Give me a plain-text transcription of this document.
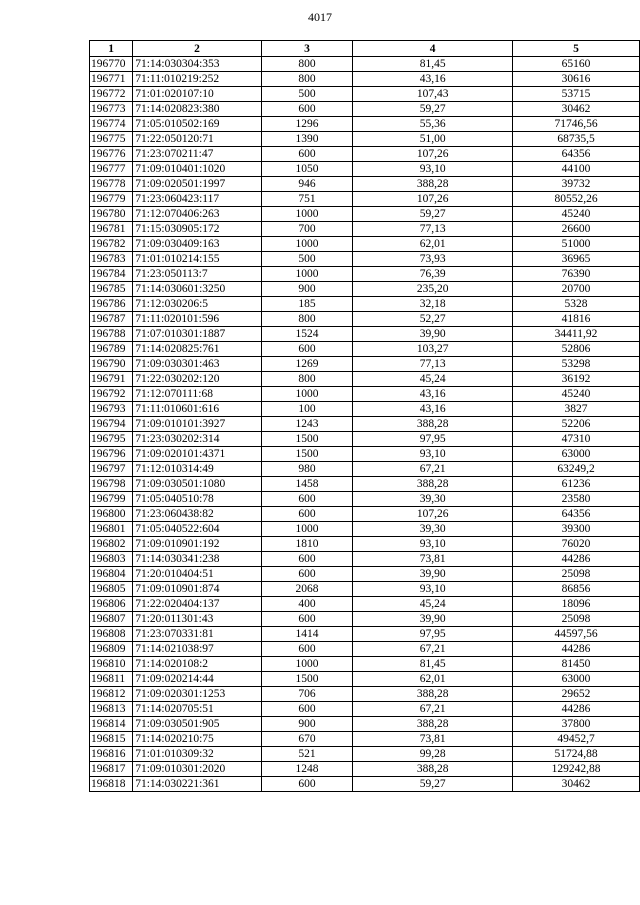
4017
1	2	3	4	5
196770	71:14:030304:353	800	81,45	65160
196771	71:11:010219:252	800	43,16	30616
196772	71:01:020107:10	500	107,43	53715
196773	71:14:020823:380	600	59,27	30462
196774	71:05:010502:169	1296	55,36	71746,56
196775	71:22:050120:71	1390	51,00	68735,5
196776	71:23:070211:47	600	107,26	64356
196777	71:09:010401:1020	1050	93,10	44100
196778	71:09:020501:1997	946	388,28	39732
196779	71:23:060423:117	751	107,26	80552,26
196780	71:12:070406:263	1000	59,27	45240
196781	71:15:030905:172	700	77,13	26600
196782	71:09:030409:163	1000	62,01	51000
196783	71:01:010214:155	500	73,93	36965
196784	71:23:050113:7	1000	76,39	76390
196785	71:14:030601:3250	900	235,20	20700
196786	71:12:030206:5	185	32,18	5328
196787	71:11:020101:596	800	52,27	41816
196788	71:07:010301:1887	1524	39,90	34411,92
196789	71:14:020825:761	600	103,27	52806
196790	71:09:030301:463	1269	77,13	53298
196791	71:22:030202:120	800	45,24	36192
196792	71:12:070111:68	1000	43,16	45240
196793	71:11:010601:616	100	43,16	3827
196794	71:09:010101:3927	1243	388,28	52206
196795	71:23:030202:314	1500	97,95	47310
196796	71:09:020101:4371	1500	93,10	63000
196797	71:12:010314:49	980	67,21	63249,2
196798	71:09:030501:1080	1458	388,28	61236
196799	71:05:040510:78	600	39,30	23580
196800	71:23:060438:82	600	107,26	64356
196801	71:05:040522:604	1000	39,30	39300
196802	71:09:010901:192	1810	93,10	76020
196803	71:14:030341:238	600	73,81	44286
196804	71:20:010404:51	600	39,90	25098
196805	71:09:010901:874	2068	93,10	86856
196806	71:22:020404:137	400	45,24	18096
196807	71:20:011301:43	600	39,90	25098
196808	71:23:070331:81	1414	97,95	44597,56
196809	71:14:021038:97	600	67,21	44286
196810	71:14:020108:2	1000	81,45	81450
196811	71:09:020214:44	1500	62,01	63000
196812	71:09:020301:1253	706	388,28	29652
196813	71:14:020705:51	600	67,21	44286
196814	71:09:030501:905	900	388,28	37800
196815	71:14:020210:75	670	73,81	49452,7
196816	71:01:010309:32	521	99,28	51724,88
196817	71:09:010301:2020	1248	388,28	129242,88
196818	71:14:030221:361	600	59,27	30462
